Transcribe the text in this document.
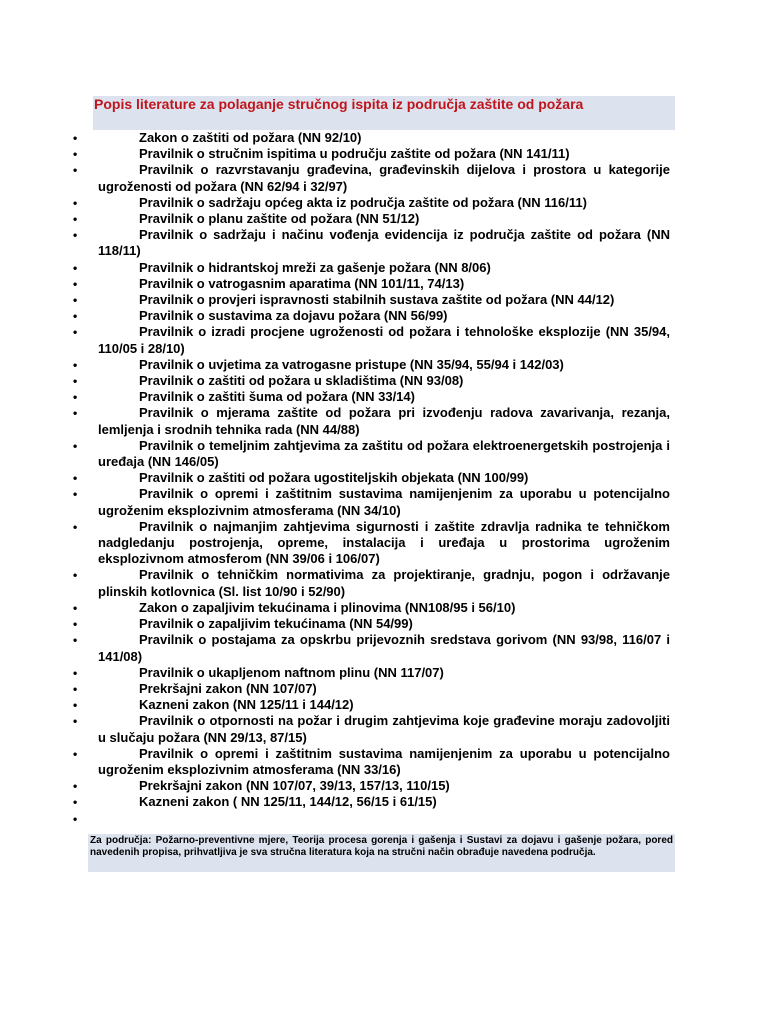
Popis literature za polaganje stručnog ispita iz područja zaštite od požara
•	Zakon o zaštiti od požara (NN 92/10)
•	Pravilnik o stručnim ispitima u području zaštite od požara (NN 141/11)
•	Pravilnik o razvrstavanju građevina, građevinskih dijelova i prostora u kategorije ugroženosti od požara (NN 62/94 i 32/97)
•	Pravilnik o sadržaju općeg akta iz područja zaštite od požara (NN 116/11)
•	Pravilnik o planu zaštite od požara (NN 51/12)
•	Pravilnik o sadržaju i načinu vođenja evidencija iz područja zaštite od požara (NN 118/11)
•	Pravilnik o hidrantskoj mreži za gašenje požara (NN 8/06)
•	Pravilnik o vatrogasnim aparatima (NN 101/11, 74/13)
•	Pravilnik o provjeri ispravnosti stabilnih sustava zaštite od požara (NN 44/12)
•	Pravilnik o sustavima za dojavu požara (NN 56/99)
•	Pravilnik o izradi procjene ugroženosti od požara i tehnološke eksplozije (NN 35/94, 110/05 i 28/10)
•	Pravilnik o uvjetima za vatrogasne pristupe (NN 35/94, 55/94 i 142/03)
•	Pravilnik o zaštiti od požara u skladištima (NN 93/08)
•	Pravilnik o zaštiti šuma od požara (NN 33/14)
•	Pravilnik o mjerama zaštite od požara pri izvođenju radova zavarivanja, rezanja, lemljenja i srodnih tehnika rada (NN 44/88)
•	Pravilnik o temeljnim zahtjevima za zaštitu od požara elektroenergetskih postrojenja i uređaja (NN 146/05)
•	Pravilnik o zaštiti od požara ugostiteljskih objekata (NN 100/99)
•	Pravilnik o opremi i zaštitnim sustavima namijenjenim za uporabu u potencijalno ugroženim eksplozivnim atmosferama (NN 34/10)
•	Pravilnik o najmanjim zahtjevima sigurnosti i zaštite zdravlja radnika te tehničkom nadgledanju postrojenja, opreme, instalacija i uređaja u prostorima ugroženim eksplozivnom atmosferom (NN 39/06 i 106/07)
•	Pravilnik o tehničkim normativima za projektiranje, gradnju, pogon i održavanje plinskih kotlovnica (Sl. list 10/90 i 52/90)
•	Zakon o zapaljivim tekućinama i plinovima (NN108/95 i 56/10)
•	Pravilnik o zapaljivim tekućinama (NN 54/99)
•	Pravilnik o postajama za opskrbu prijevoznih sredstava gorivom (NN 93/98, 116/07 i 141/08)
•	Pravilnik o ukapljenom naftnom plinu (NN 117/07)
•	Prekršajni zakon (NN 107/07)
•	Kazneni zakon (NN 125/11 i 144/12)
•	Pravilnik o otpornosti na požar i drugim zahtjevima koje građevine moraju zadovoljiti u slučaju požara (NN 29/13, 87/15)
•	Pravilnik o opremi i zaštitnim sustavima namijenjenim za uporabu u potencijalno ugroženim eksplozivnim atmosferama (NN 33/16)
•	Prekršajni zakon (NN 107/07, 39/13, 157/13, 110/15)
•	Kazneni zakon ( NN 125/11, 144/12, 56/15 i 61/15)
•
Za područja: Požarno-preventivne mjere, Teorija procesa gorenja i gašenja i Sustavi za dojavu i gašenje požara, pored navedenih propisa, prihvatljiva je sva stručna literatura koja na stručni način obrađuje navedena područja.
